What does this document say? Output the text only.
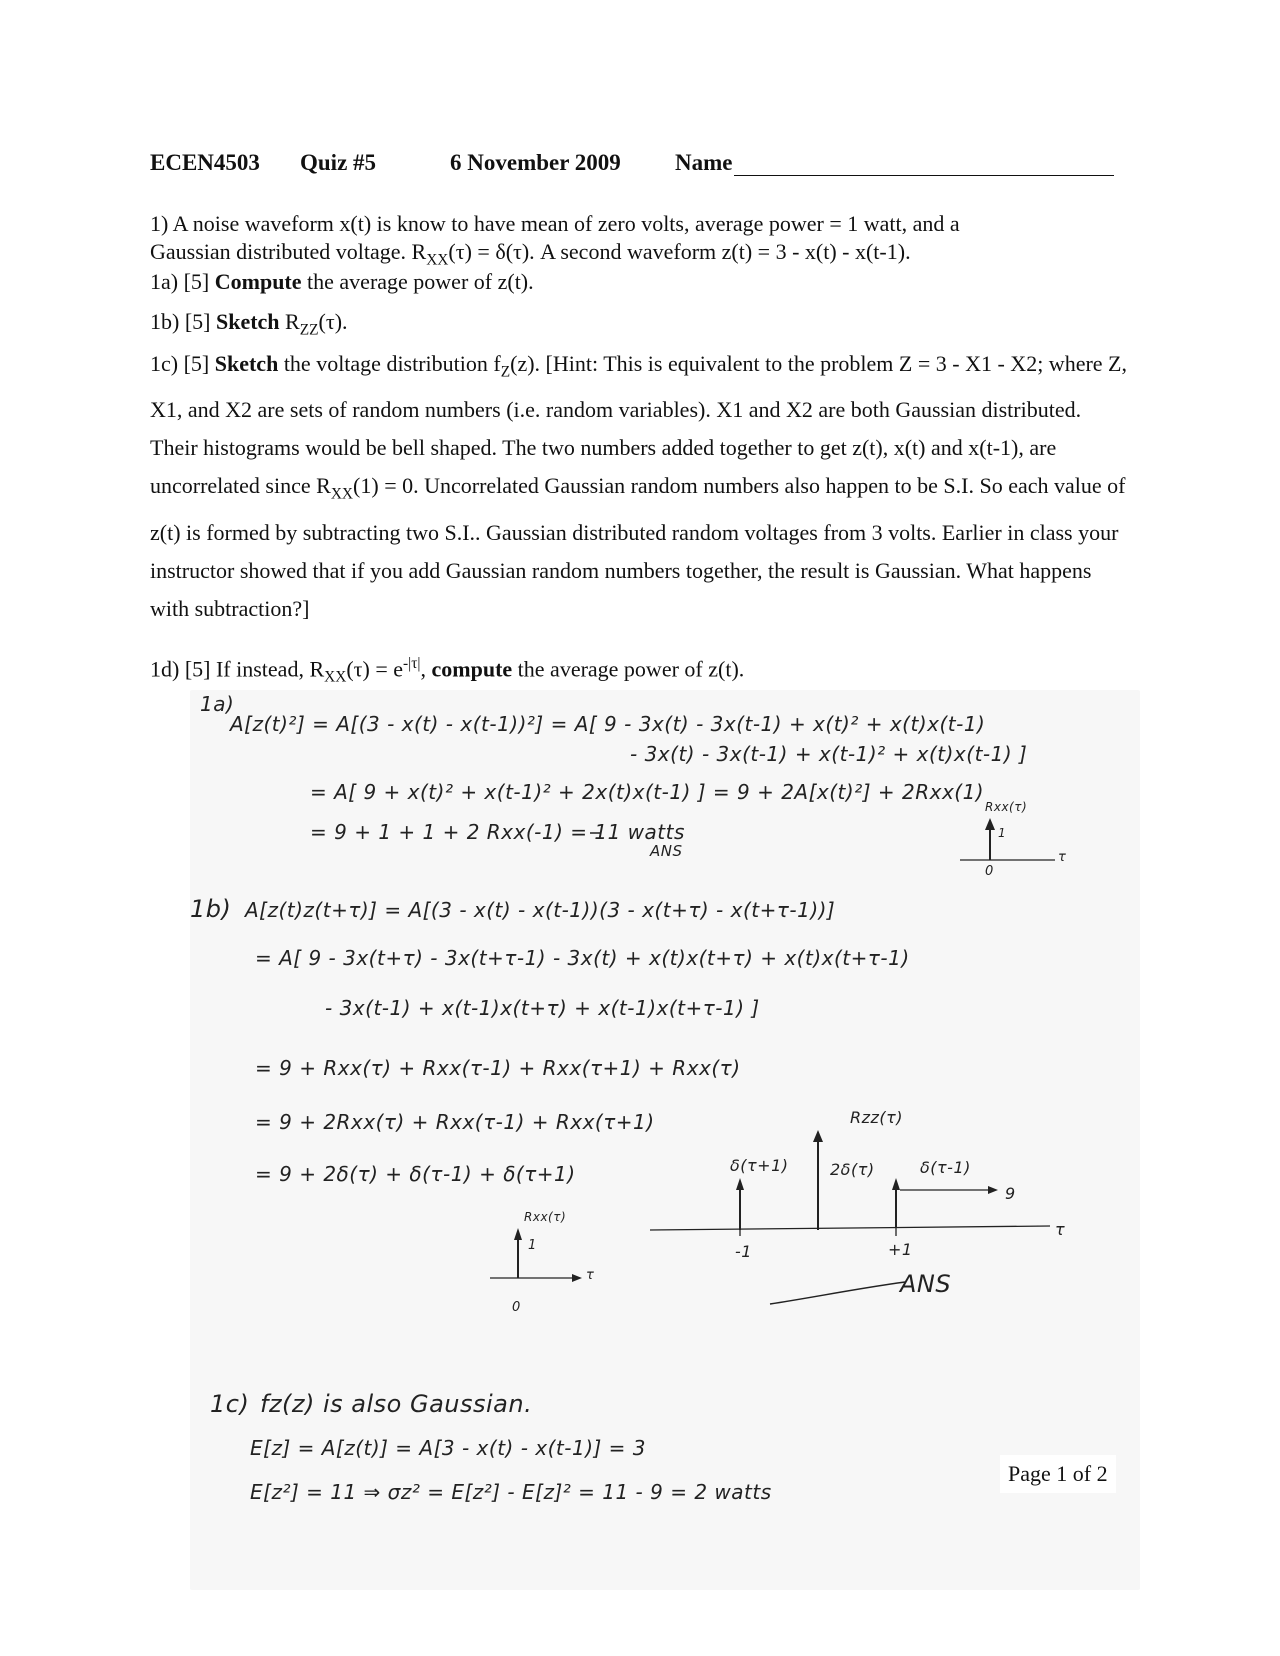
ECEN4503 Quiz #5	6 November 2009 Name
1) A noise waveform x(t) is know to have mean of zero volts, average power = 1 watt, and a
Gaussian distributed voltage. $R_{XX}(\tau) = \delta(\tau)$. A second waveform z(t) = 3 - x(t) - x(t-1).
1a) [5] Compute the average power of z(t).
1b) [5] Sketch $R_{ZZ}(\tau)$.
1c) [5] Sketch the voltage distribution $f_Z(z)$. [Hint: This is equivalent to the problem Z = 3 - X1 - X2; where Z, X1, and X2 are sets of random numbers (i.e. random variables). X1 and X2 are both Gaussian distributed. Their histograms would be bell shaped. The two numbers added together to get z(t), x(t) and x(t-1), are uncorrelated since $R_{XX}(1) = 0$. Uncorrelated Gaussian random numbers also happen to be S.I. So each value of z(t) is formed by subtracting two S.I.. Gaussian distributed random voltages from 3 volts. Earlier in class your instructor showed that if you add Gaussian random numbers together, the result is Gaussian. What happens with subtraction?]
1d) [5] If instead, $R_{XX}(\tau) = e^{-|\tau|}$, compute the average power of z(t).
1a)
A[z(t)²] = A[(3 - x(t) - x(t-1))²] = A[ 9 - 3x(t) - 3x(t-1) + x(t)² + x(t)x(t-1)
- 3x(t) - 3x(t-1) + x(t-1)² + x(t)x(t-1) ]
= A[ 9 + x(t)² + x(t-1)² + 2x(t)x(t-1) ] = 9 + 2A[x(t)²] + 2Rxx(1)
= 9 + 1 + 1 + 2 Rxx(-1) = 11 watts
ANS
Rxx(τ)
1
0
τ
1b) A[z(t)z(t+τ)] = A[(3 - x(t) - x(t-1))(3 - x(t+τ) - x(t+τ-1))]
= A[ 9 - 3x(t+τ) - 3x(t+τ-1) - 3x(t) + x(t)x(t+τ) + x(t)x(t+τ-1)
- 3x(t-1) + x(t-1)x(t+τ) + x(t-1)x(t+τ-1) ]
= 9 + Rxx(τ) + Rxx(τ-1) + Rxx(τ+1) + Rxx(τ)
= 9 + 2Rxx(τ) + Rxx(τ-1) + Rxx(τ+1)
= 9 + 2δ(τ) + δ(τ-1) + δ(τ+1)
Rzz(τ)
δ(τ+1)	2δ(τ)	δ(τ-1)
9
-1	+1
τ
ANS
Rxx(τ)
1
0
τ
1c) fz(z) is also Gaussian.
E[z] = A[z(t)] = A[3 - x(t) - x(t-1)] = 3
E[z²] = 11 ⇒ σz² = E[z²] - E[z]² = 11 - 9 = 2 watts
Page 1 of 2
